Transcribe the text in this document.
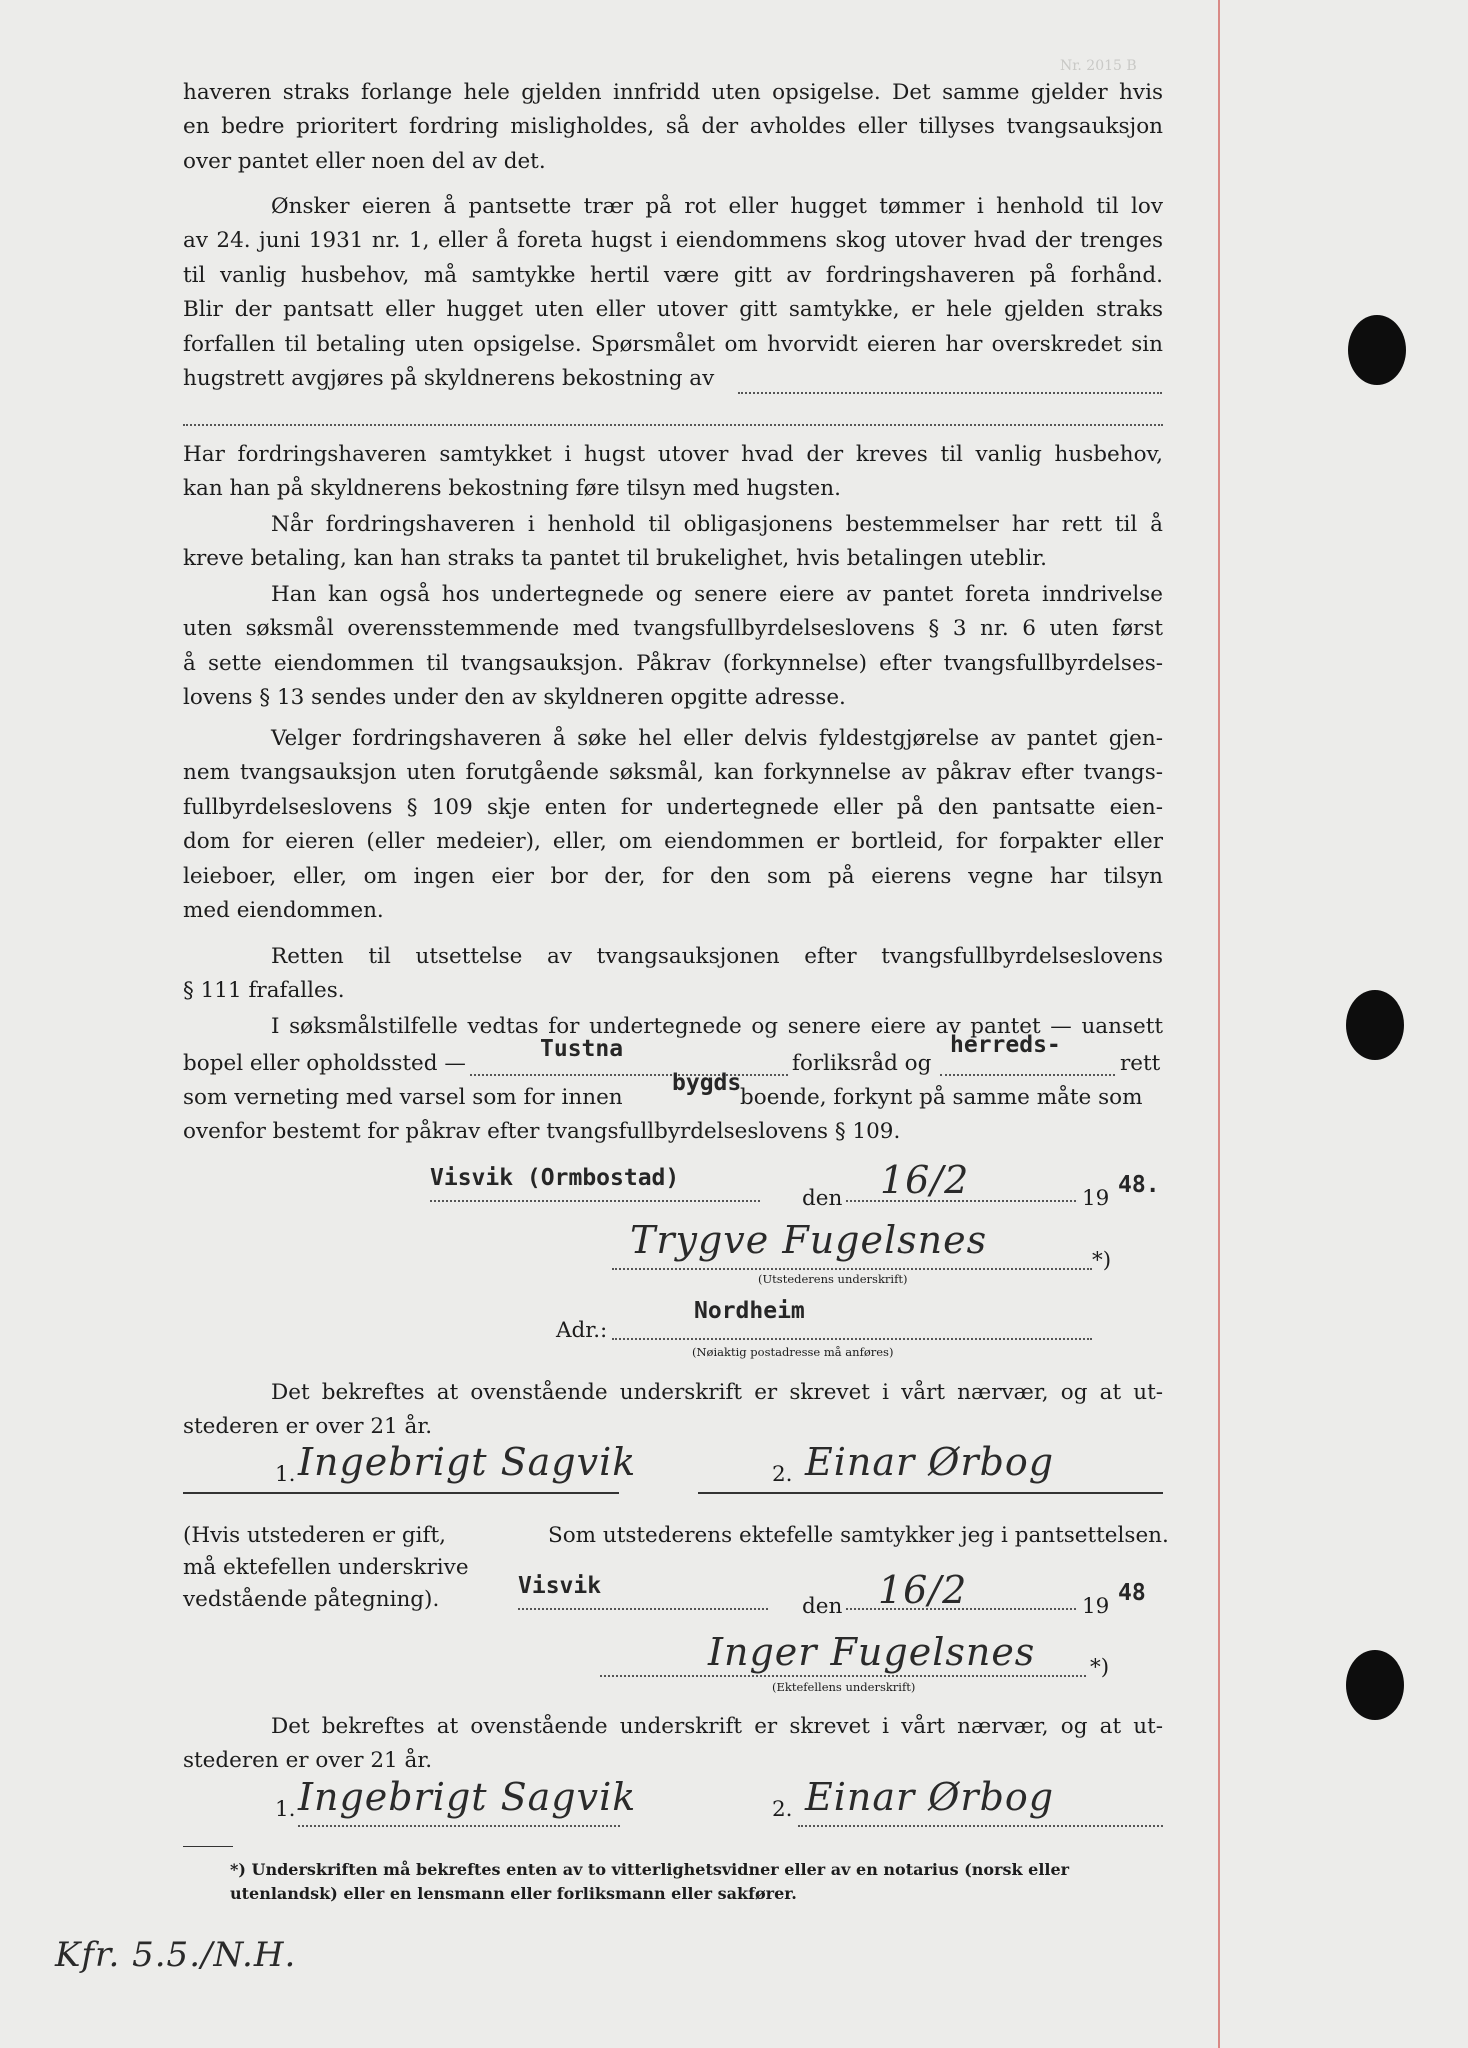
Nr. 2015 B
haveren straks forlange hele gjelden innfridd uten opsigelse. Det samme gjelder hvis
en bedre prioritert fordring misligholdes, så der avholdes eller tillyses tvangsauksjon
over pantet eller noen del av det.
Ønsker eieren å pantsette trær på rot eller hugget tømmer i henhold til lov
av 24. juni 1931 nr. 1, eller å foreta hugst i eiendommens skog utover hvad der trenges
til vanlig husbehov, må samtykke hertil være gitt av fordringshaveren på forhånd.
Blir der pantsatt eller hugget uten eller utover gitt samtykke, er hele gjelden straks
forfallen til betaling uten opsigelse. Spørsmålet om hvorvidt eieren har overskredet sin
hugstrett avgjøres på skyldnerens bekostning av
Har fordringshaveren samtykket i hugst utover hvad der kreves til vanlig husbehov,
kan han på skyldnerens bekostning føre tilsyn med hugsten.
Når fordringshaveren i henhold til obligasjonens bestemmelser har rett til å
kreve betaling, kan han straks ta pantet til brukelighet, hvis betalingen uteblir.
Han kan også hos undertegnede og senere eiere av pantet foreta inndrivelse
uten søksmål overensstemmende med tvangsfullbyrdelseslovens § 3 nr. 6 uten først
å sette eiendommen til tvangsauksjon. Påkrav (forkynnelse) efter tvangsfullbyrdelses-
lovens § 13 sendes under den av skyldneren opgitte adresse.
Velger fordringshaveren å søke hel eller delvis fyldestgjørelse av pantet gjen-
nem tvangsauksjon uten forutgående søksmål, kan forkynnelse av påkrav efter tvangs-
fullbyrdelseslovens § 109 skje enten for undertegnede eller på den pantsatte eien-
dom for eieren (eller medeier), eller, om eiendommen er bortleid, for forpakter eller
leieboer, eller, om ingen eier bor der, for den som på eierens vegne har tilsyn
med eiendommen.
Retten til utsettelse av tvangsauksjonen efter tvangsfullbyrdelseslovens
§ 111 frafalles.
I søksmålstilfelle vedtas for undertegnede og senere eiere av pantet — uansett
bopel eller opholdssted —
Tustna
forliksråd og
herreds-
rett
som verneting med varsel som for innen
bygds
boende, forkynt på samme måte som
ovenfor bestemt for påkrav efter tvangsfullbyrdelseslovens § 109.
Visvik (Ormbostad)
den 16/2	19
48.
Trygve Fugelsnes	*)
(Utstederens underskrift)
Adr.:
Nordheim
(Nøiaktig postadresse må anføres)
Det bekreftes at ovenstående underskrift er skrevet i vårt nærvær, og at ut-
stederen er over 21 år.
1. Ingebrigt Sagvik	2. Einar Ørbog
(Hvis utstederen er gift,
må ektefellen underskrive
vedstående påtegning).
Som utstederens ektefelle samtykker jeg i pantsettelsen.
Visvik
den 16/2	19
48
Inger Fugelsnes	*)
(Ektefellens underskrift)
Det bekreftes at ovenstående underskrift er skrevet i vårt nærvær, og at ut-
stederen er over 21 år.
1. Ingebrigt Sagvik	2. Einar Ørbog
*) Underskriften må bekreftes enten av to vitterlighetsvidner eller av en notarius (norsk eller
utenlandsk) eller en lensmann eller forliksmann eller sakfører.
Kfr. 5.5./N.H.
